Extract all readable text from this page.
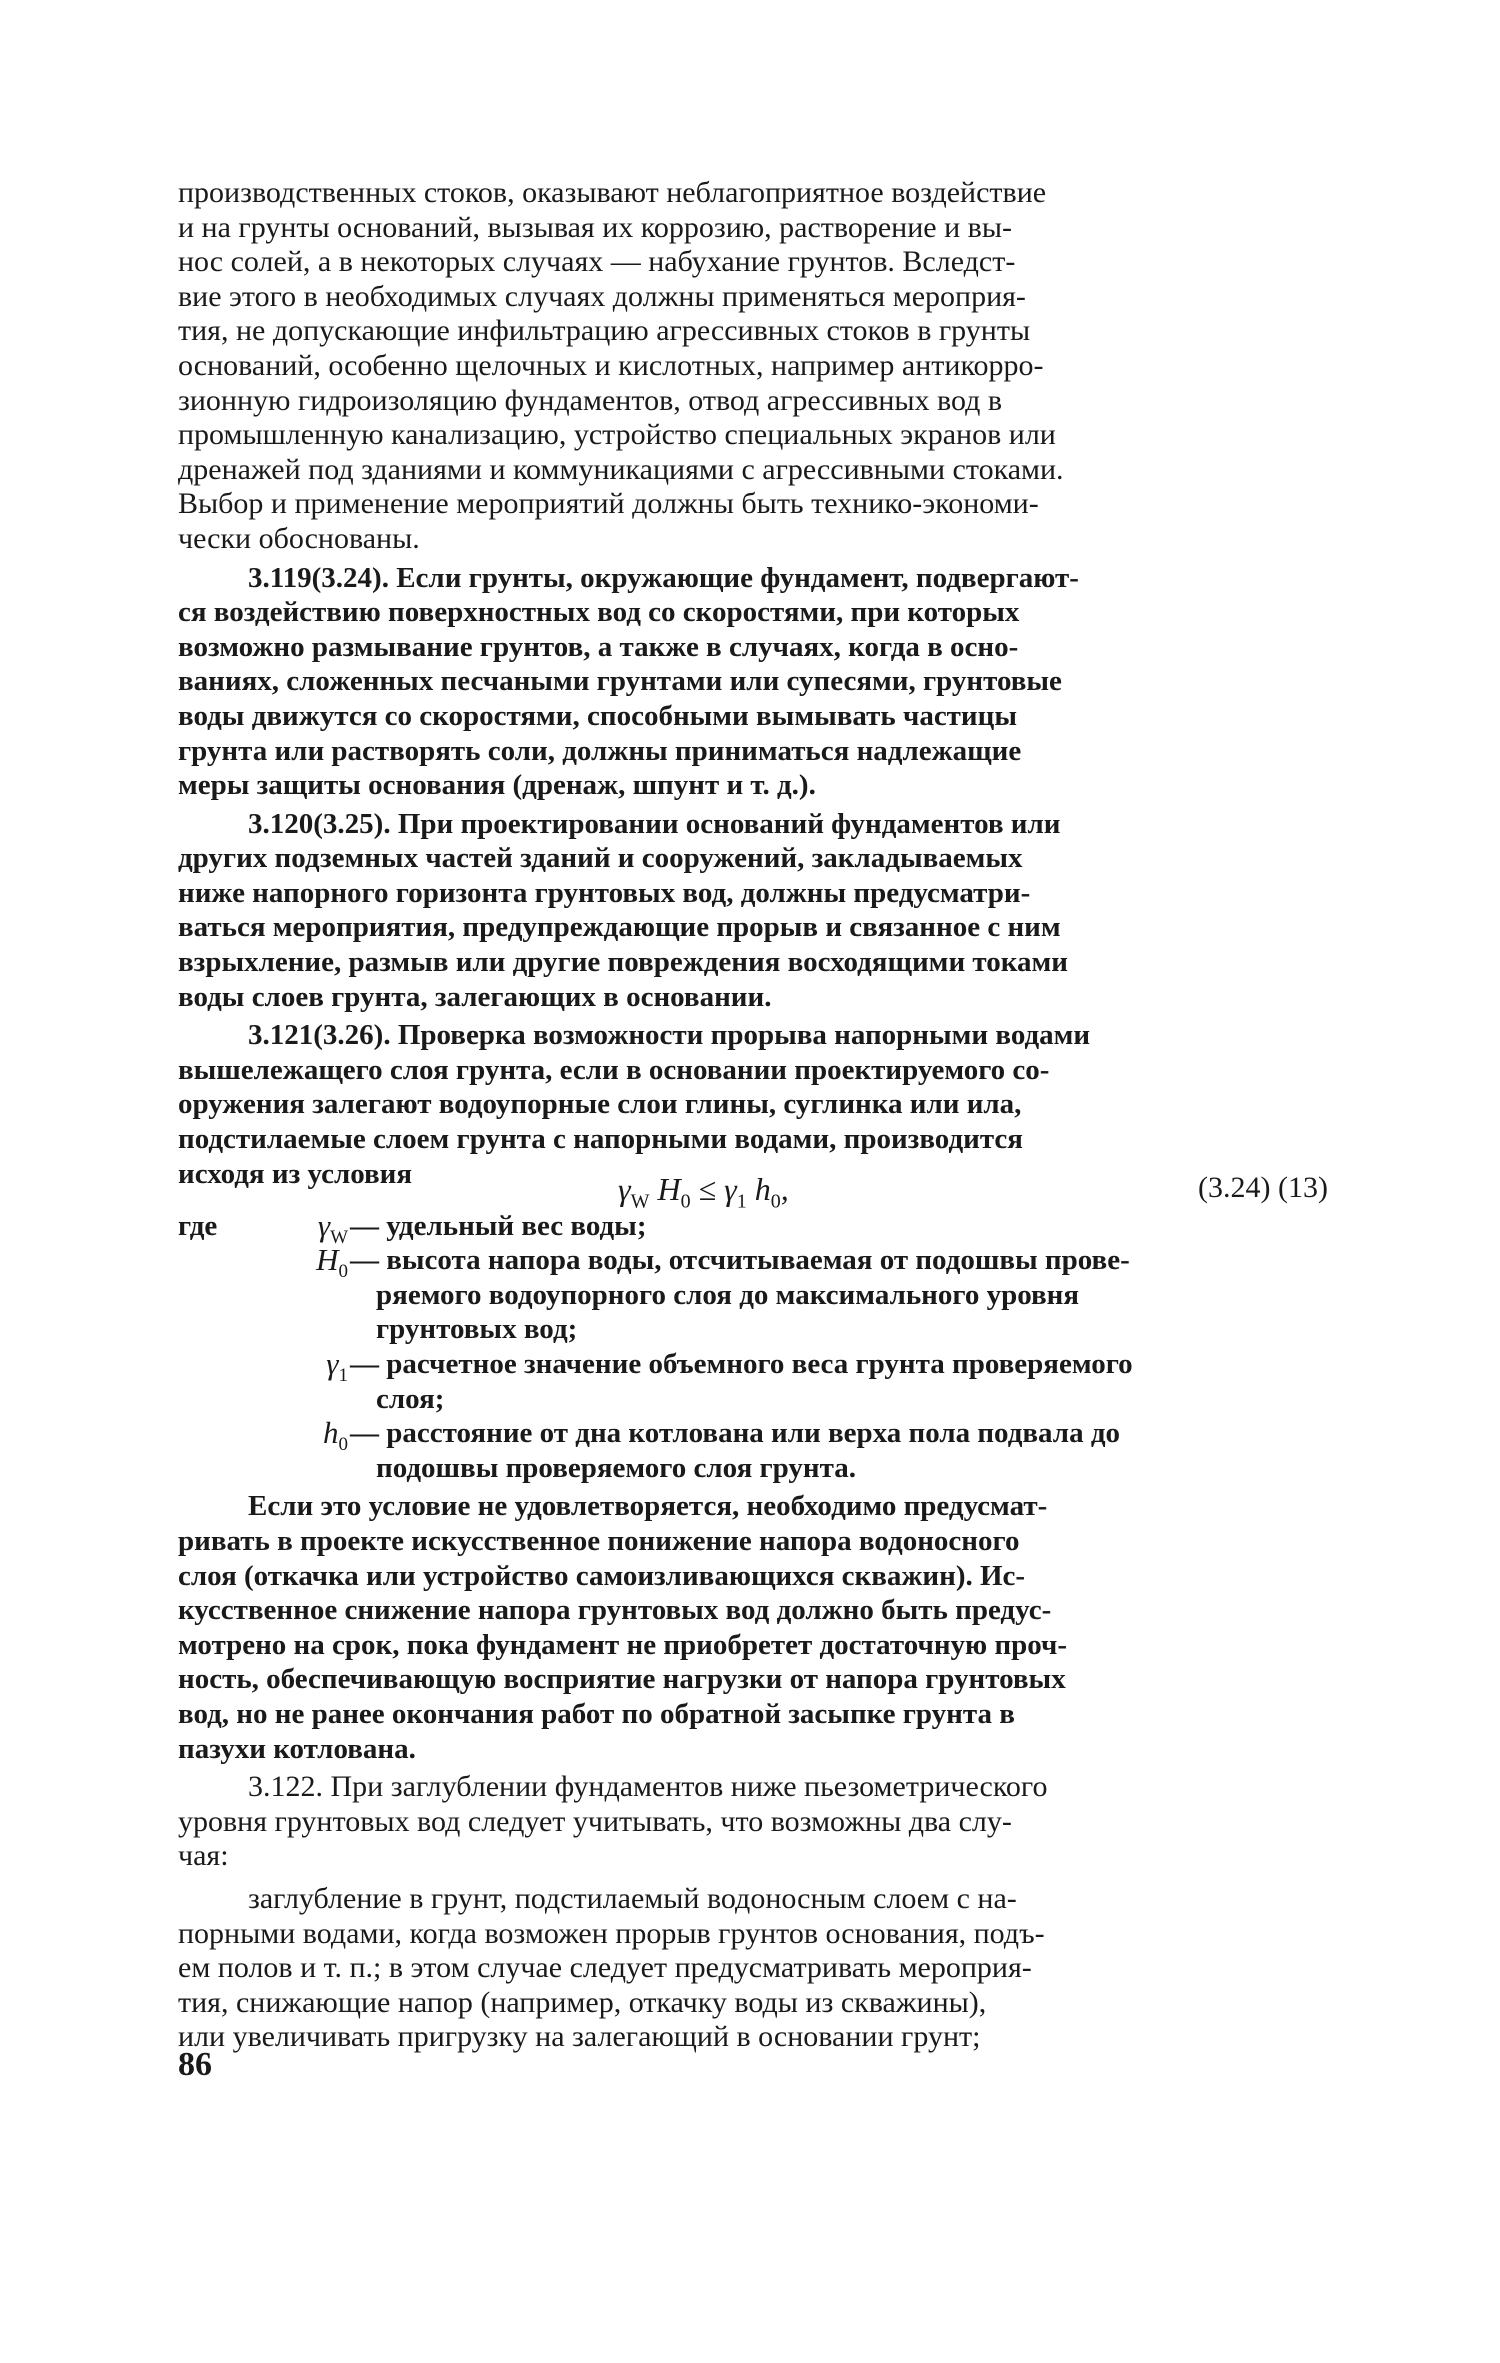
производственных стоков, оказывают неблагоприятное воздействие
и на грунты оснований, вызывая их коррозию, растворение и вы-
нос солей, а в некоторых случаях — набухание грунтов. Вследст-
вие этого в необходимых случаях должны применяться мероприя-
тия, не допускающие инфильтрацию агрессивных стоков в грунты
оснований, особенно щелочных и кислотных, например антикорро-
зионную гидроизоляцию фундаментов, отвод агрессивных вод в
промышленную канализацию, устройство специальных экранов или
дренажей под зданиями и коммуникациями с агрессивными стоками.
Выбор и применение мероприятий должны быть технико-экономи-
чески обоснованы.
3.119(3.24). Если грунты, окружающие фундамент, подвергают-
ся воздействию поверхностных вод со скоростями, при которых
возможно размывание грунтов, а также в случаях, когда в осно-
ваниях, сложенных песчаными грунтами или супесями, грунтовые
воды движутся со скоростями, способными вымывать частицы
грунта или растворять соли, должны приниматься надлежащие
меры защиты основания (дренаж, шпунт и т. д.).
3.120(3.25). При проектировании оснований фундаментов или
других подземных частей зданий и сооружений, закладываемых
ниже напорного горизонта грунтовых вод, должны предусматри-
ваться мероприятия, предупреждающие прорыв и связанное с ним
взрыхление, размыв или другие повреждения восходящими токами
воды слоев грунта, залегающих в основании.
3.121(3.26). Проверка возможности прорыва напорными водами
вышележащего слоя грунта, если в основании проектируемого со-
оружения залегают водоупорные слои глины, суглинка или ила,
подстилаемые слоем грунта с напорными водами, производится
исходя из условия	$\gamma_W$ $H_0 \le \gamma_1$ $h_0$,	(3.24) (13)
где	$\gamma_W$ — удельный вес воды;
$H_0$ — высота напора воды, отсчитываемая от подошвы прове-
ряемого водоупорного слоя до максимального уровня
грунтовых вод;
$\gamma_1$ — расчетное значение объемного веса грунта проверяемого
слоя;
$h_0$ — расстояние от дна котлована или верха пола подвала до
подошвы проверяемого слоя грунта.
Если это условие не удовлетворяется, необходимо предусмат-
ривать в проекте искусственное понижение напора водоносного
слоя (откачка или устройство самоизливающихся скважин). Ис-
кусственное снижение напора грунтовых вод должно быть предус-
мотрено на срок, пока фундамент не приобретет достаточную проч-
ность, обеспечивающую восприятие нагрузки от напора грунтовых
вод, но не ранее окончания работ по обратной засыпке грунта в
пазухи котлована.
3.122. При заглублении фундаментов ниже пьезометрического
уровня грунтовых вод следует учитывать, что возможны два слу-
чая:
заглубление в грунт, подстилаемый водоносным слоем с на-
порными водами, когда возможен прорыв грунтов основания, подъ-
ем полов и т. п.; в этом случае следует предусматривать мероприя-
тия, снижающие напор (например, откачку воды из скважины),
или увеличивать пригрузку на залегающий в основании грунт;
86
